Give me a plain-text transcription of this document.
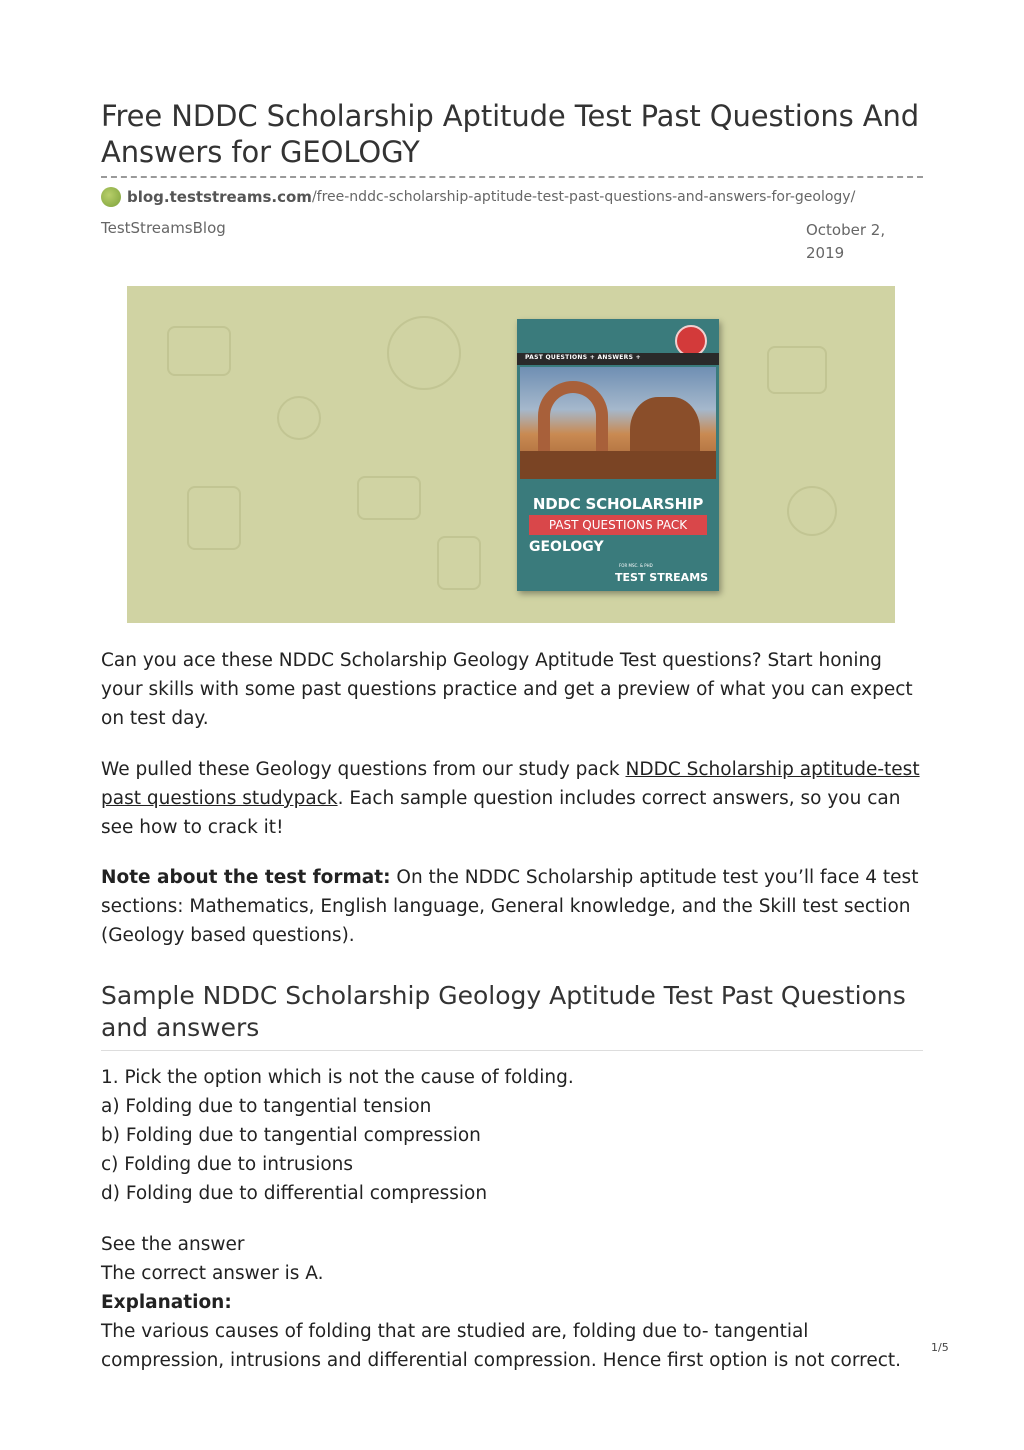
Free NDDC Scholarship Aptitude Test Past Questions And Answers for GEOLOGY
blog.teststreams.com /free-nddc-scholarship-aptitude-test-past-questions-and-answers-for-geology/
TestStreamsBlog	October 2, 2019
PAST QUESTIONS + ANSWERS +
NDDC SCHOLARSHIP
PAST QUESTIONS PACK
GEOLOGY
FOR MSC. & PHD
TEST STREAMS

Can you ace these NDDC Scholarship Geology Aptitude Test questions? Start honing your skills with some past questions practice and get a preview of what you can expect on test day.

We pulled these Geology questions from our study pack NDDC Scholarship aptitude-test past questions studypack. Each sample question includes correct answers, so you can see how to crack it!

Note about the test format: On the NDDC Scholarship aptitude test you’ll face 4 test sections: Mathematics, English language, General knowledge, and the Skill test section (Geology based questions).

Sample NDDC Scholarship Geology Aptitude Test Past Questions and answers
1. Pick the option which is not the cause of folding.
a) Folding due to tangential tension
b) Folding due to tangential compression
c) Folding due to intrusions
d) Folding due to differential compression
See the answer
The correct answer is A.
Explanation:
The various causes of folding that are studied are, folding due to- tangential compression, intrusions and differential compression. Hence first option is not correct.
1/5
